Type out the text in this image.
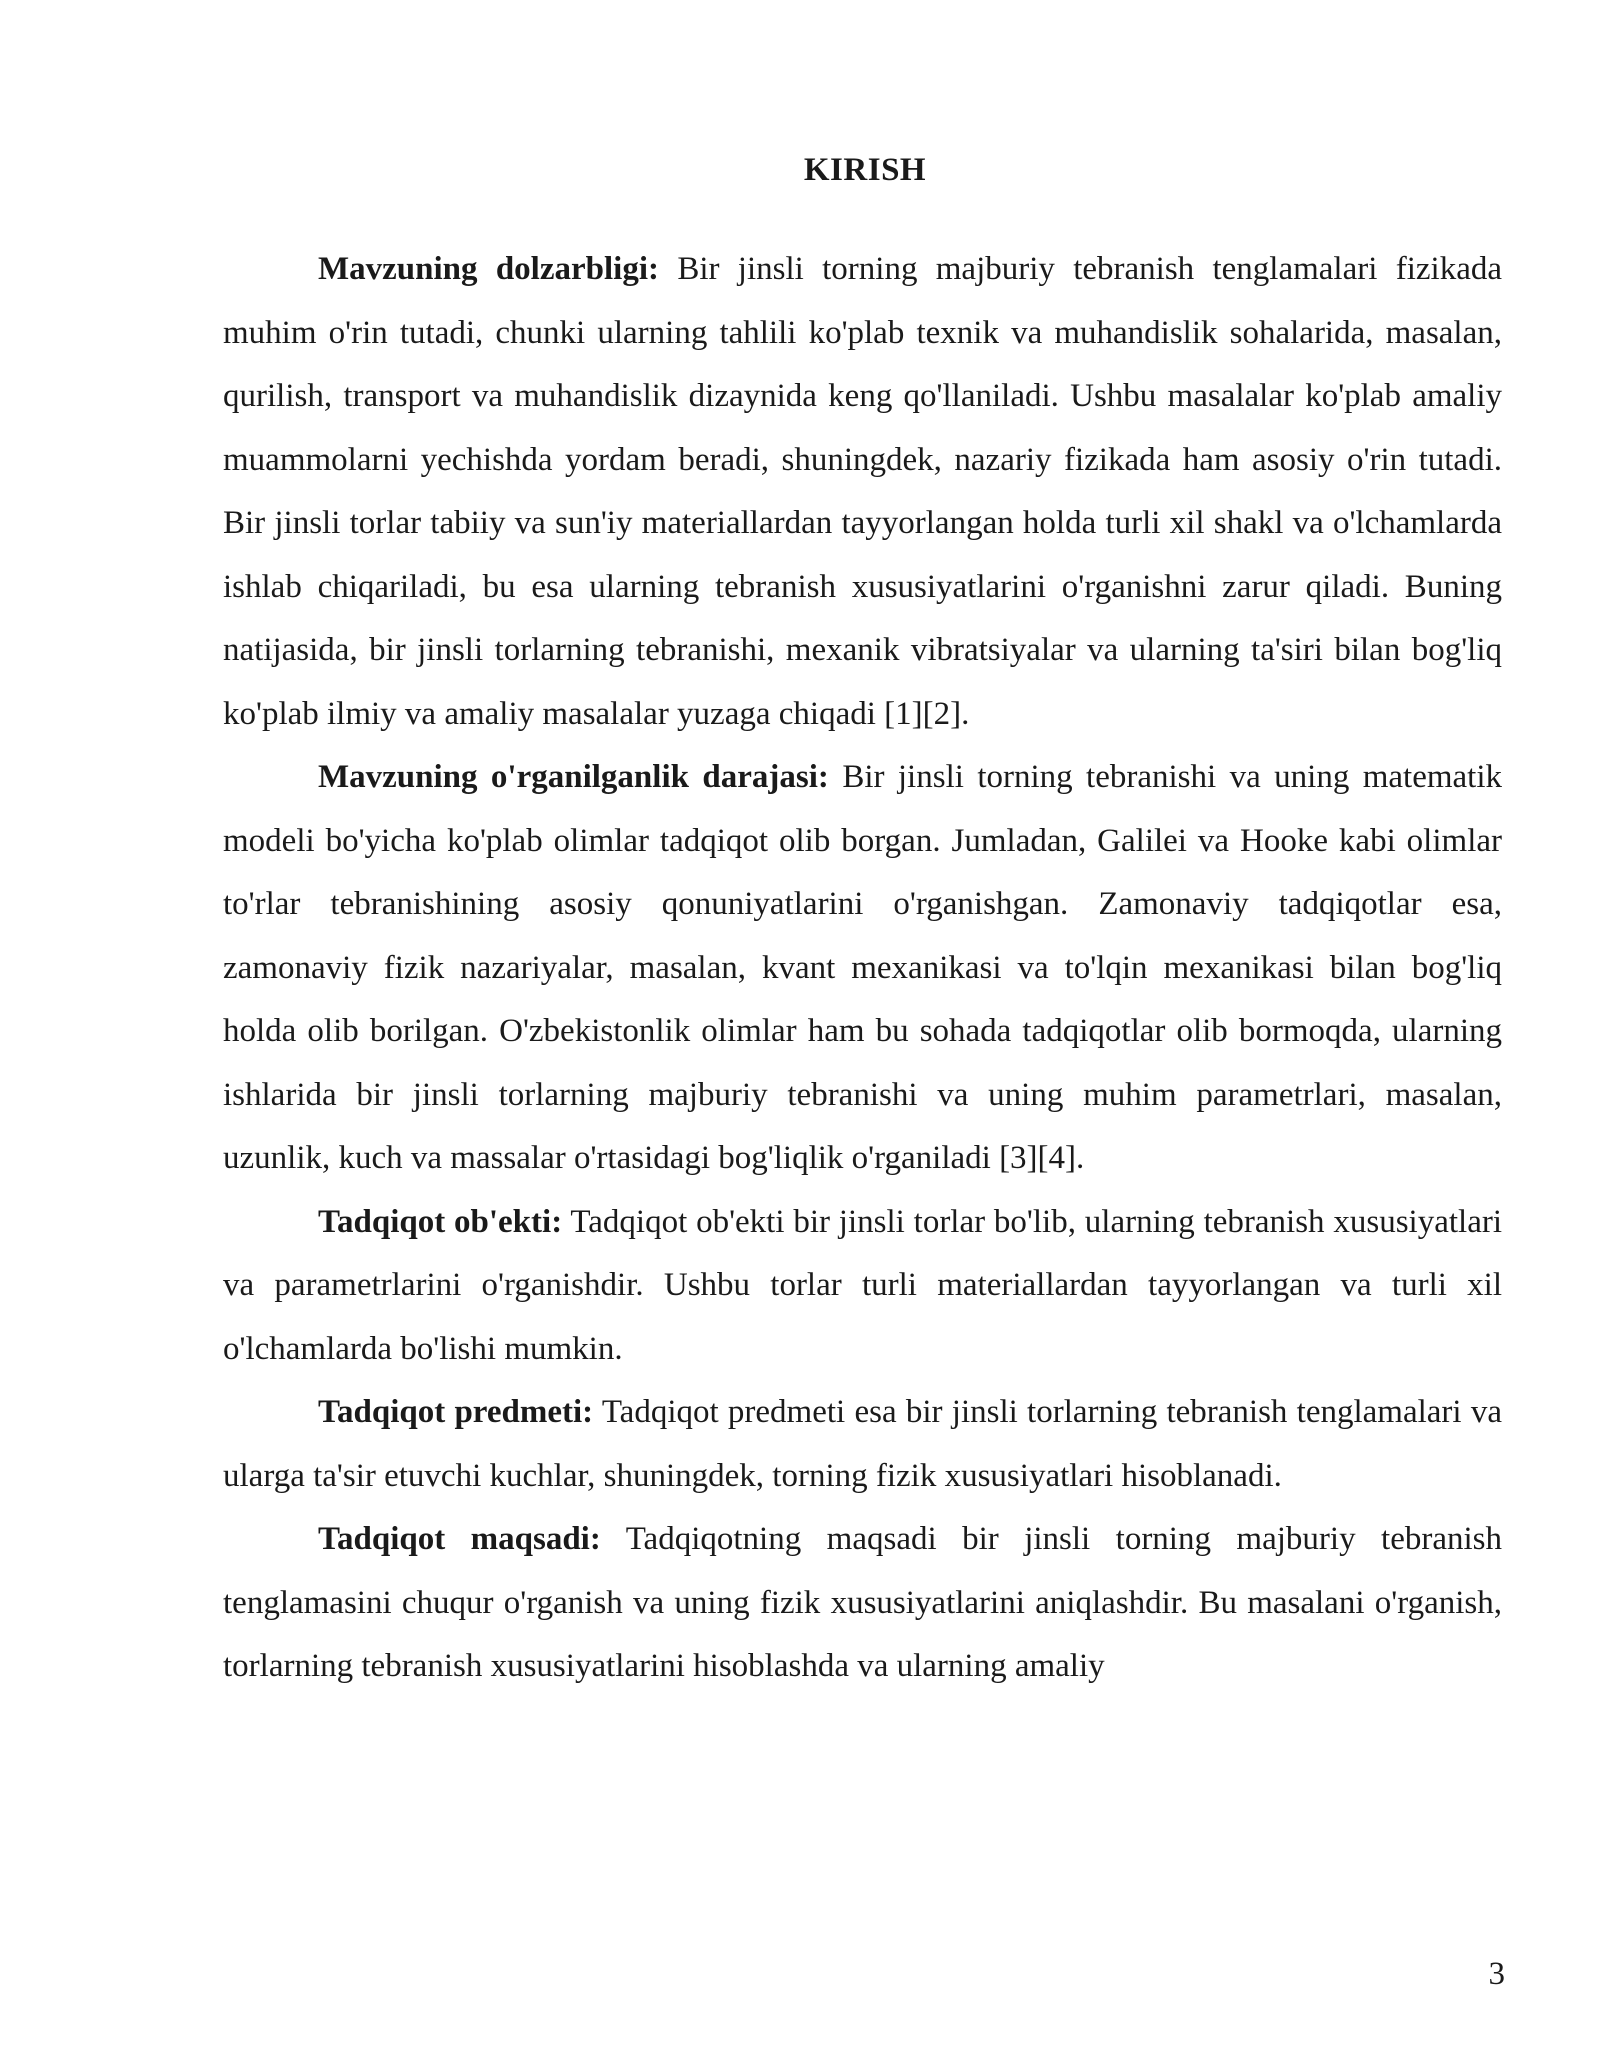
KIRISH

Mavzuning dolzarbligi: Bir jinsli torning majburiy tebranish tenglamalari fizikada muhim o'rin tutadi, chunki ularning tahlili ko'plab texnik va muhandislik sohalarida, masalan, qurilish, transport va muhandislik dizaynida keng qo'llaniladi. Ushbu masalalar ko'plab amaliy muammolarni yechishda yordam beradi, shuningdek, nazariy fizikada ham asosiy o'rin tutadi. Bir jinsli torlar tabiiy va sun'iy materiallardan tayyorlangan holda turli xil shakl va o'lchamlarda ishlab chiqariladi, bu esa ularning tebranish xususiyatlarini o'rganishni zarur qiladi. Buning natijasida, bir jinsli torlarning tebranishi, mexanik vibratsiyalar va ularning ta'siri bilan bog'liq ko'plab ilmiy va amaliy masalalar yuzaga chiqadi [1][2].

Mavzuning o'rganilganlik darajasi: Bir jinsli torning tebranishi va uning matematik modeli bo'yicha ko'plab olimlar tadqiqot olib borgan. Jumladan, Galilei va Hooke kabi olimlar to'rlar tebranishining asosiy qonuniyatlarini o'rganishgan. Zamonaviy tadqiqotlar esa, zamonaviy fizik nazariyalar, masalan, kvant mexanikasi va to'lqin mexanikasi bilan bog'liq holda olib borilgan. O'zbekistonlik olimlar ham bu sohada tadqiqotlar olib bormoqda, ularning ishlarida bir jinsli torlarning majburiy tebranishi va uning muhim parametrlari, masalan, uzunlik, kuch va massalar o'rtasidagi bog'liqlik o'rganiladi [3][4].

Tadqiqot ob'ekti: Tadqiqot ob'ekti bir jinsli torlar bo'lib, ularning tebranish xususiyatlari va parametrlarini o'rganishdir. Ushbu torlar turli materiallardan tayyorlangan va turli xil o'lchamlarda bo'lishi mumkin.

Tadqiqot predmeti: Tadqiqot predmeti esa bir jinsli torlarning tebranish tenglamalari va ularga ta'sir etuvchi kuchlar, shuningdek, torning fizik xususiyatlari hisoblanadi.

Tadqiqot maqsadi: Tadqiqotning maqsadi bir jinsli torning majburiy tebranish tenglamasini chuqur o'rganish va uning fizik xususiyatlarini aniqlashdir. Bu masalani o'rganish, torlarning tebranish xususiyatlarini hisoblashda va ularning amaliy

3
